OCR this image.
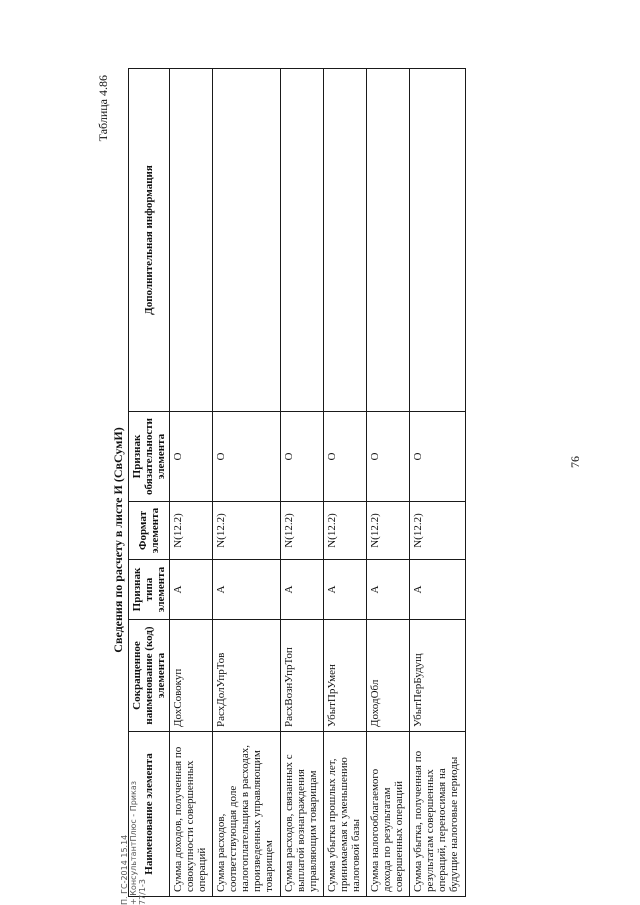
76
Таблица 4.86
Сведения по расчету в листе И (СвСумИ)
Наименование элемента	Сокращенное наименование (код) элемента	Признак типа элемента	Формат элемента	Признак обязательности элемента	Дополнительная информация
Сумма доходов, полученная по совокупности совершенных операций	ДохСовокуп	А	N(12.2)	О	
Сумма расходов, соответствующая доле налогоплательщика в расходах, произведенных управляющим товарищем	РасхДолУпрТов	А	N(12.2)	О	
Сумма расходов, связанных с выплатой вознаграждения управляющим товарищам	РасхВознУпрТоп	А	N(12.2)	О	
Сумма убытка прошлых лет, принимаемая к уменьшению налоговой базы	УбытПрУмен	А	N(12.2)	О	
Сумма налогооблагаемого дохода по результатам совершенных операций	ДоходОбл	А	N(12.2)	О	
Сумма убытка, полученная по результатам совершенных операций, переносимая на будущие налоговые периоды	УбытПерБудущ	А	N(12.2)	О	
П. ГС-2014 15.14 + КонсультантПлюс - Приказ 77/1-3
